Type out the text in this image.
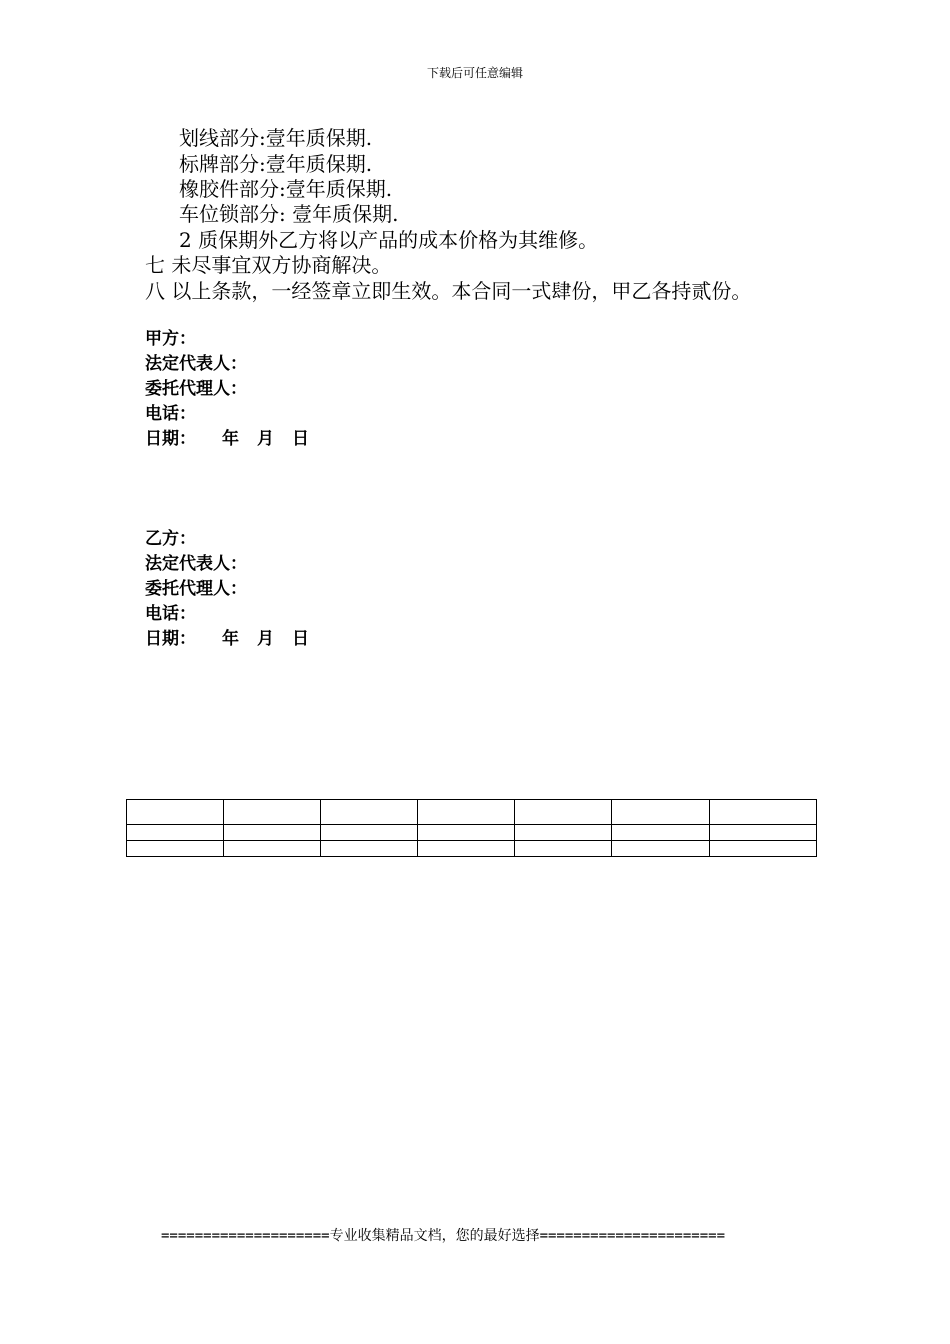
下载后可任意编辑
划线部分:壹年质保期.
标牌部分:壹年质保期.
橡胶件部分:壹年质保期.
车位锁部分: 壹年质保期.
2 质保期外乙方将以产品的成本价格为其维修。
七 未尽事宜双方协商解决。
八 以上条款，一经签章立即生效。本合同一式肆份，甲乙各持贰份。
甲方：
法定代表人：
委托代理人：
电话：
日期： 年 月 日
乙方：
法定代表人：
委托代理人：
电话：
日期： 年 月 日

====================专业收集精品文档，您的最好选择======================
